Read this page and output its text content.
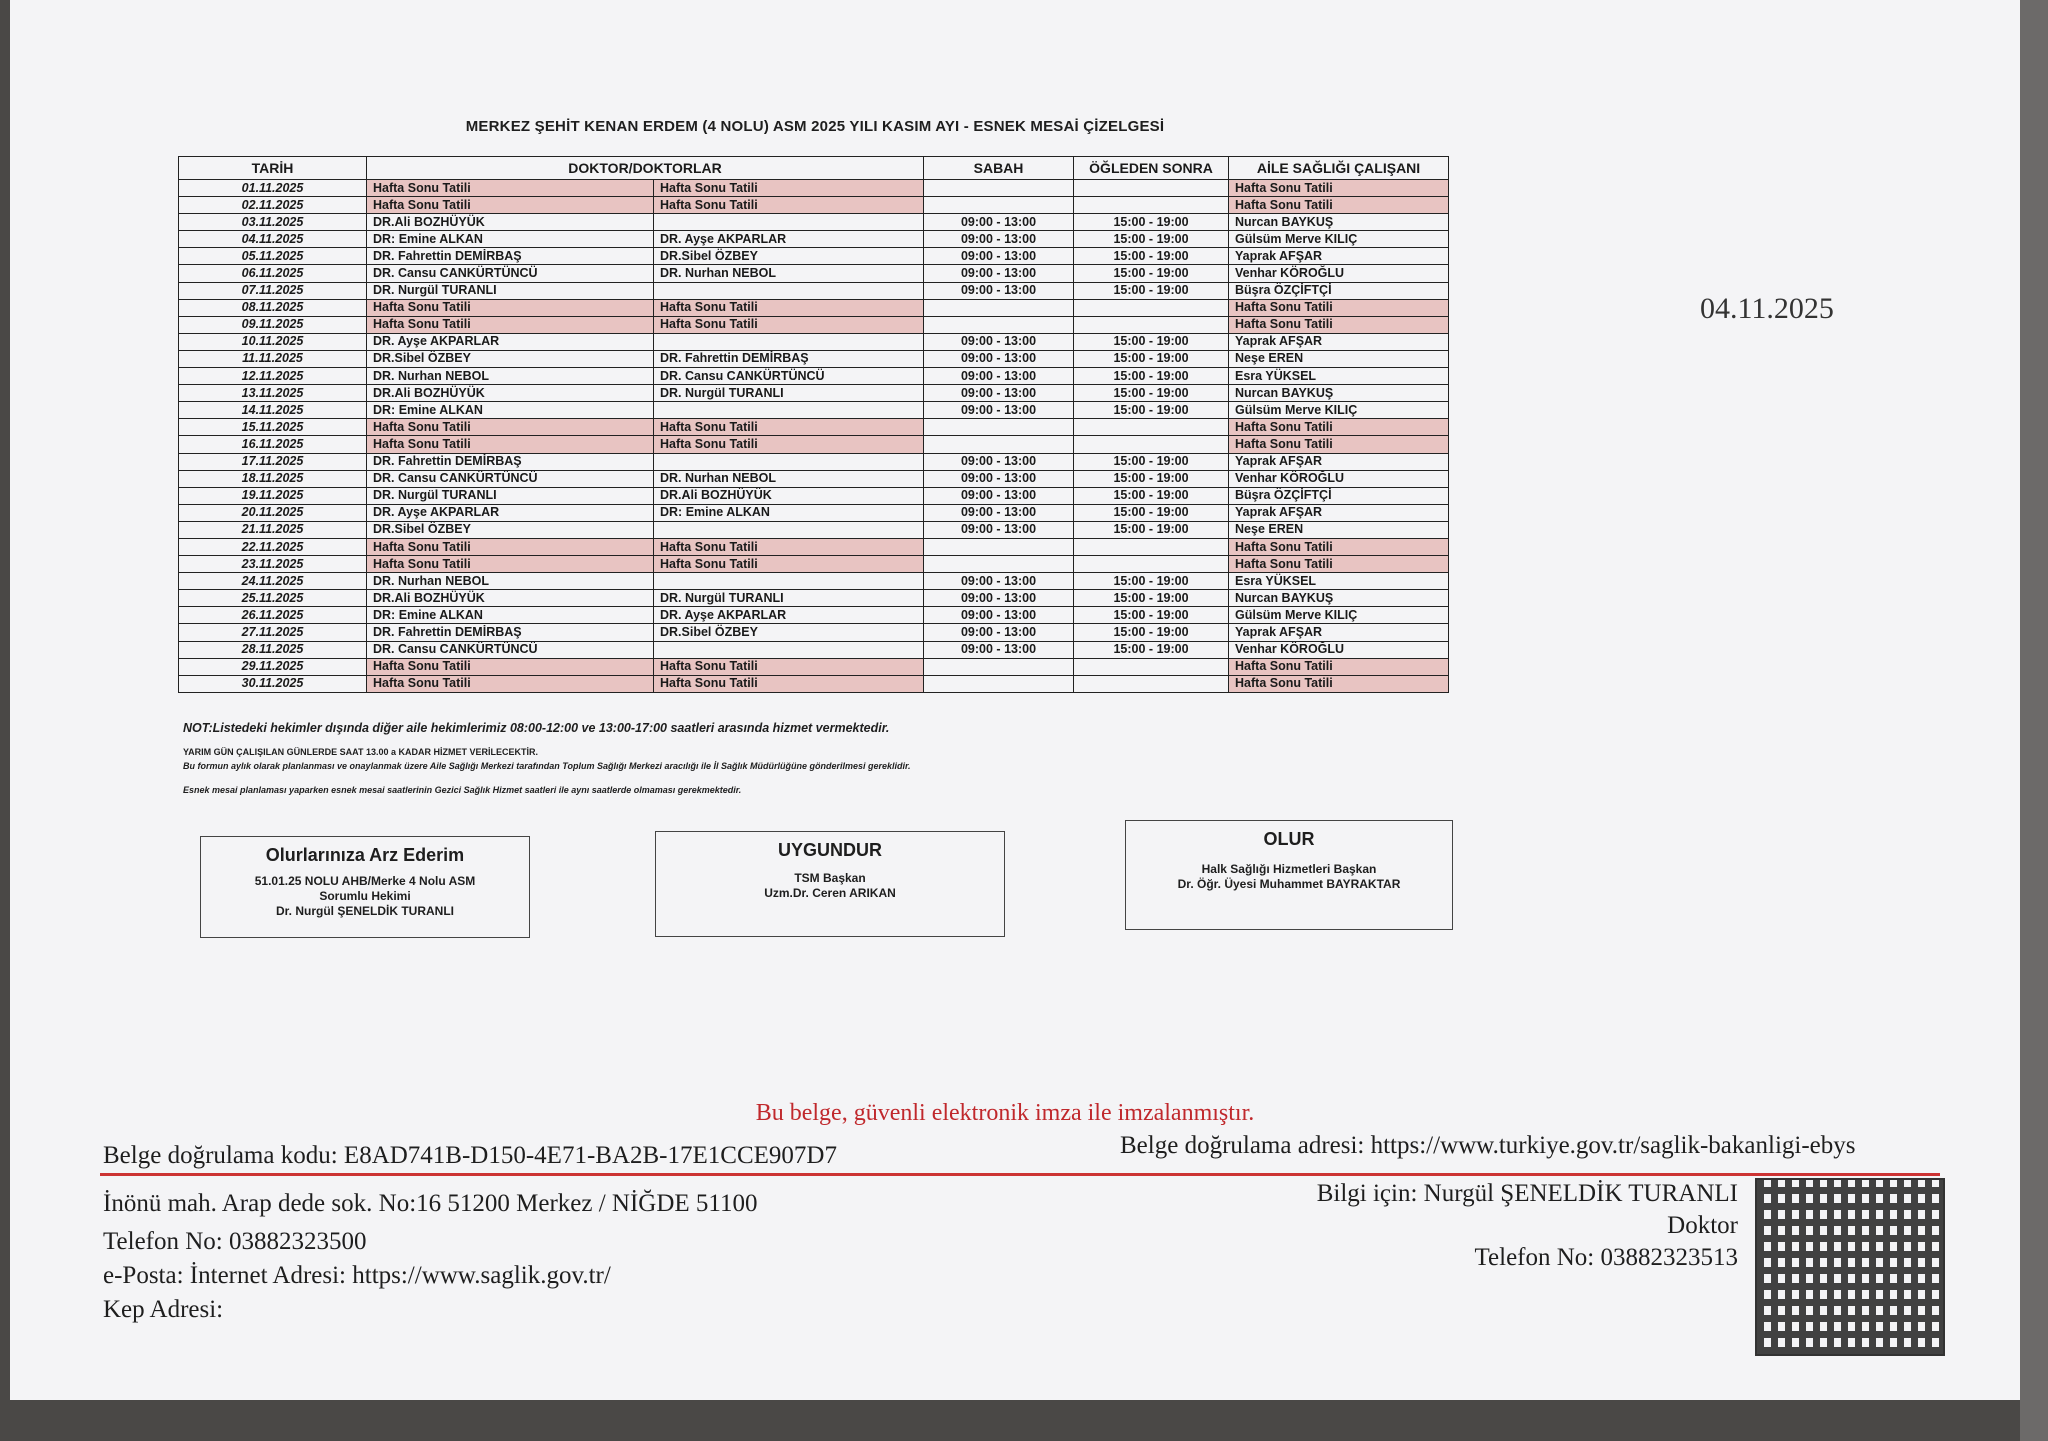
MERKEZ ŞEHİT KENAN ERDEM (4 NOLU) ASM 2025 YILI KASIM AYI - ESNEK MESAİ ÇİZELGESİ
04.11.2025
TARİH	DOKTOR/DOKTORLAR		SABAH	ÖĞLEDEN SONRA	AİLE SAĞLIĞI ÇALIŞANI
01.11.2025	Hafta Sonu Tatili	Hafta Sonu Tatili			Hafta Sonu Tatili
02.11.2025	Hafta Sonu Tatili	Hafta Sonu Tatili			Hafta Sonu Tatili
03.11.2025	DR.Ali BOZHÜYÜK		09:00 - 13:00	15:00 - 19:00	Nurcan BAYKUŞ
04.11.2025	DR: Emine ALKAN	DR. Ayşe AKPARLAR	09:00 - 13:00	15:00 - 19:00	Gülsüm Merve KILIÇ
05.11.2025	DR. Fahrettin DEMİRBAŞ	DR.Sibel ÖZBEY	09:00 - 13:00	15:00 - 19:00	Yaprak AFŞAR
06.11.2025	DR. Cansu CANKÜRTÜNCÜ	DR. Nurhan NEBOL	09:00 - 13:00	15:00 - 19:00	Venhar KÖROĞLU
07.11.2025	DR. Nurgül TURANLI		09:00 - 13:00	15:00 - 19:00	Büşra ÖZÇİFTÇİ
08.11.2025	Hafta Sonu Tatili	Hafta Sonu Tatili			Hafta Sonu Tatili
09.11.2025	Hafta Sonu Tatili	Hafta Sonu Tatili			Hafta Sonu Tatili
10.11.2025	DR. Ayşe AKPARLAR		09:00 - 13:00	15:00 - 19:00	Yaprak AFŞAR
11.11.2025	DR.Sibel ÖZBEY	DR. Fahrettin DEMİRBAŞ	09:00 - 13:00	15:00 - 19:00	Neşe EREN
12.11.2025	DR. Nurhan NEBOL	DR. Cansu CANKÜRTÜNCÜ	09:00 - 13:00	15:00 - 19:00	Esra YÜKSEL
13.11.2025	DR.Ali BOZHÜYÜK	DR. Nurgül TURANLI	09:00 - 13:00	15:00 - 19:00	Nurcan BAYKUŞ
14.11.2025	DR: Emine ALKAN		09:00 - 13:00	15:00 - 19:00	Gülsüm Merve KILIÇ
15.11.2025	Hafta Sonu Tatili	Hafta Sonu Tatili			Hafta Sonu Tatili
16.11.2025	Hafta Sonu Tatili	Hafta Sonu Tatili			Hafta Sonu Tatili
17.11.2025	DR. Fahrettin DEMİRBAŞ		09:00 - 13:00	15:00 - 19:00	Yaprak AFŞAR
18.11.2025	DR. Cansu CANKÜRTÜNCÜ	DR. Nurhan NEBOL	09:00 - 13:00	15:00 - 19:00	Venhar KÖROĞLU
19.11.2025	DR. Nurgül TURANLI	DR.Ali BOZHÜYÜK	09:00 - 13:00	15:00 - 19:00	Büşra ÖZÇİFTÇİ
20.11.2025	DR. Ayşe AKPARLAR	DR: Emine ALKAN	09:00 - 13:00	15:00 - 19:00	Yaprak AFŞAR
21.11.2025	DR.Sibel ÖZBEY		09:00 - 13:00	15:00 - 19:00	Neşe EREN
22.11.2025	Hafta Sonu Tatili	Hafta Sonu Tatili			Hafta Sonu Tatili
23.11.2025	Hafta Sonu Tatili	Hafta Sonu Tatili			Hafta Sonu Tatili
24.11.2025	DR. Nurhan NEBOL		09:00 - 13:00	15:00 - 19:00	Esra YÜKSEL
25.11.2025	DR.Ali BOZHÜYÜK	DR. Nurgül TURANLI	09:00 - 13:00	15:00 - 19:00	Nurcan BAYKUŞ
26.11.2025	DR: Emine ALKAN	DR. Ayşe AKPARLAR	09:00 - 13:00	15:00 - 19:00	Gülsüm Merve KILIÇ
27.11.2025	DR. Fahrettin DEMİRBAŞ	DR.Sibel ÖZBEY	09:00 - 13:00	15:00 - 19:00	Yaprak AFŞAR
28.11.2025	DR. Cansu CANKÜRTÜNCÜ		09:00 - 13:00	15:00 - 19:00	Venhar KÖROĞLU
29.11.2025	Hafta Sonu Tatili	Hafta Sonu Tatili			Hafta Sonu Tatili
30.11.2025	Hafta Sonu Tatili	Hafta Sonu Tatili			Hafta Sonu Tatili
NOT:Listedeki hekimler dışında diğer aile hekimlerimiz 08:00-12:00 ve 13:00-17:00 saatleri arasında hizmet vermektedir.
YARIM GÜN ÇALIŞILAN GÜNLERDE SAAT 13.00 a KADAR HİZMET VERİLECEKTİR.
Bu formun aylık olarak planlanması ve onaylanmak üzere Aile Sağlığı Merkezi tarafından Toplum Sağlığı Merkezi aracılığı ile İl Sağlık Müdürlüğüne gönderilmesi gereklidir.
Esnek mesai planlaması yaparken esnek mesai saatlerinin Gezici Sağlık Hizmet saatleri ile aynı saatlerde olmaması gerekmektedir.
Olurlarınıza Arz Ederim
51.01.25 NOLU AHB/Merke 4 Nolu ASM
Sorumlu Hekimi
Dr. Nurgül ŞENELDİK TURANLI
UYGUNDUR
TSM Başkan
Uzm.Dr. Ceren ARIKAN
OLUR
Halk Sağlığı Hizmetleri Başkan
Dr. Öğr. Üyesi Muhammet BAYRAKTAR
Bu belge, güvenli elektronik imza ile imzalanmıştır.
Belge doğrulama kodu: E8AD741B-D150-4E71-BA2B-17E1CCE907D7	Belge doğrulama adresi: https://www.turkiye.gov.tr/saglik-bakanligi-ebys
İnönü mah. Arap dede sok. No:16 51200 Merkez / NİĞDE 51100
Telefon No: 03882323500
e-Posta: İnternet Adresi: https://www.saglik.gov.tr/
Kep Adresi:
Bilgi için: Nurgül ŞENELDİK TURANLI
Doktor
Telefon No: 03882323513
